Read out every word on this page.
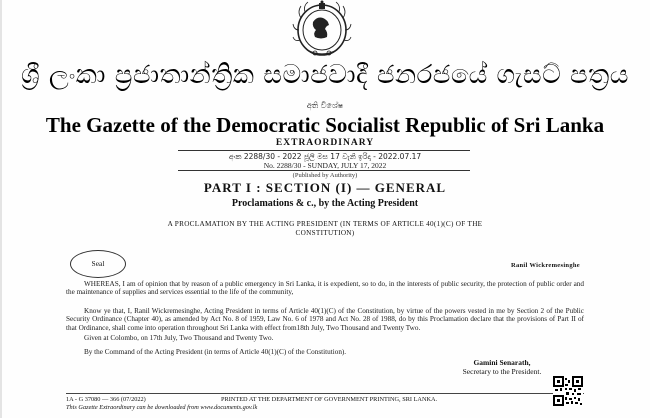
ශ්‍රී ලංකා ප්‍රජාතාන්ත්‍රික සමාජවාදී ජනරජයේ ගැසට් පත්‍රය
අති විශේෂ
The Gazette of the Democratic Socialist Republic of Sri Lanka
EXTRAORDINARY
අංක 2288/30 - 2022 ජූලි මස 17 වැනි ඉරිදා - 2022.07.17
No. 2288/30 - SUNDAY, JULY 17, 2022
(Published by Authority)
PART I : SECTION (I) — GENERAL
Proclamations & c., by the Acting President
A PROCLAMATION BY THE ACTING PRESIDENT (IN TERMS OF ARTICLE 40(1)(C) OF THE
CONSTITUTION)
Seal	Ranil Wickremesinghe
WHEREAS, I am of opinion that by reason of a public emergency in Sri Lanka, it is expedient, so to do, in the interests of public security, the protection of public order and the maintenance of supplies and services essential to the life of the community,
Know ye that, I, Ranil Wickremesinghe, Acting President in terms of Article 40(1)(C) of the Constitution, by virtue of the powers vested in me by Section 2 of the Public Security Ordinance (Chapter 40), as amended by Act No. 8 of 1959, Law No. 6 of 1978 and Act No. 28 of 1988, do by this Proclamation declare that the provisions of Part II of that Ordinance, shall come into operation throughout Sri Lanka with effect from18th July, Two Thousand and Twenty Two.
Given at Colombo, on 17th July, Two Thousand and Twenty Two.
By the Command of the Acting President (in terms of Article 40(1)(C) of the Constitution).
Gamini Senarath,
Secretary to the President.
1A - G 37080 — 366 (07/2022)	PRINTED AT THE DEPARTMENT OF GOVERNMENT PRINTING, SRI LANKA.
This Gazette Extraordinary can be downloaded from www.documents.gov.lk
